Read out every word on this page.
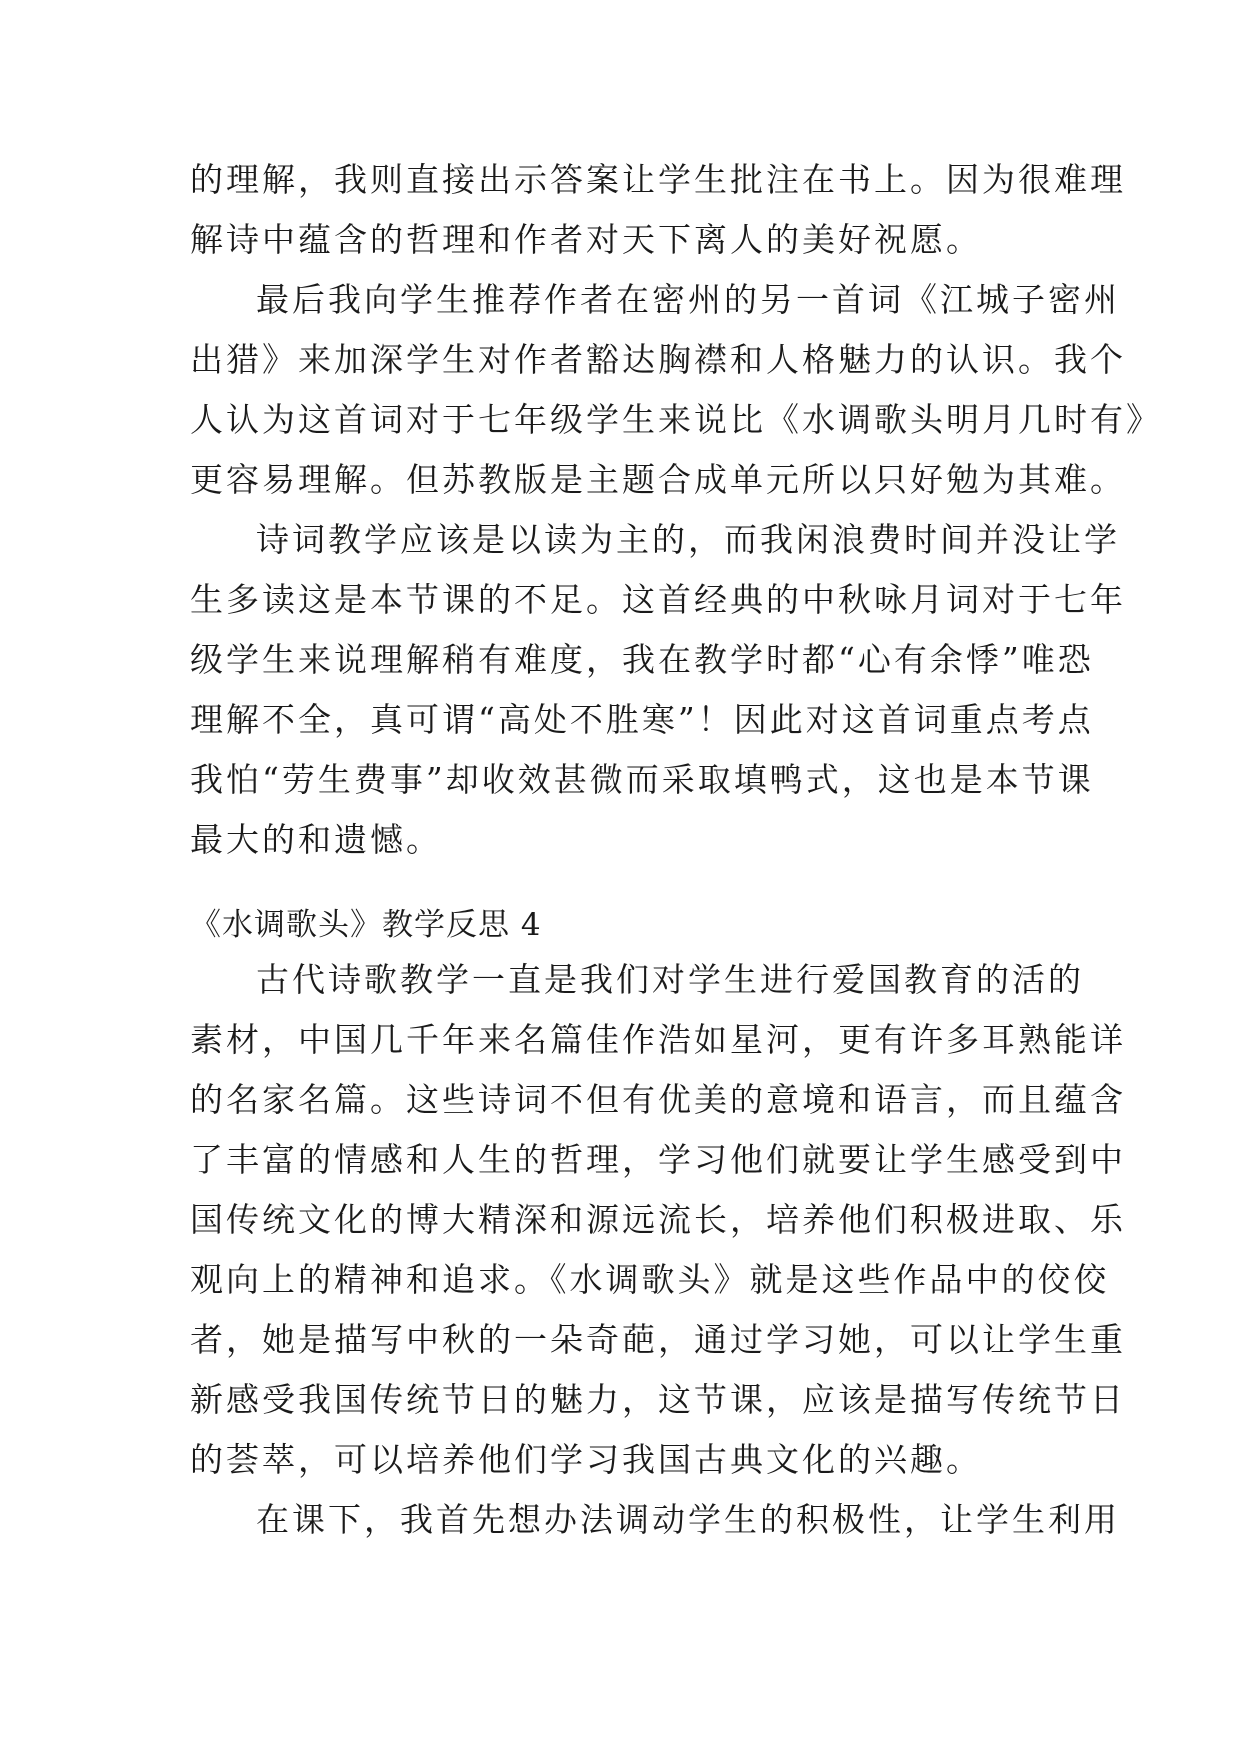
的理解，我则直接出示答案让学生批注在书上。因为很难理
解诗中蕴含的哲理和作者对天下离人的美好祝愿。
最后我向学生推荐作者在密州的另一首词《江城子密州
出猎》来加深学生对作者豁达胸襟和人格魅力的认识。我个
人认为这首词对于七年级学生来说比《水调歌头明月几时有》
更容易理解。但苏教版是主题合成单元所以只好勉为其难。
诗词教学应该是以读为主的，而我闲浪费时间并没让学
生多读这是本节课的不足。这首经典的中秋咏月词对于七年
级学生来说理解稍有难度，我在教学时都“心有余悸”唯恐
理解不全，真可谓“高处不胜寒”！因此对这首词重点考点
我怕“劳生费事”却收效甚微而采取填鸭式，这也是本节课
最大的和遗憾。
《水调歌头》教学反思 4
古代诗歌教学一直是我们对学生进行爱国教育的活的
素材，中国几千年来名篇佳作浩如星河，更有许多耳熟能详
的名家名篇。这些诗词不但有优美的意境和语言，而且蕴含
了丰富的情感和人生的哲理，学习他们就要让学生感受到中
国传统文化的博大精深和源远流长，培养他们积极进取、乐
观向上的精神和追求。《水调歌头》就是这些作品中的佼佼
者，她是描写中秋的一朵奇葩，通过学习她，可以让学生重
新感受我国传统节日的魅力，这节课，应该是描写传统节日
的荟萃，可以培养他们学习我国古典文化的兴趣。
在课下，我首先想办法调动学生的积极性，让学生利用
